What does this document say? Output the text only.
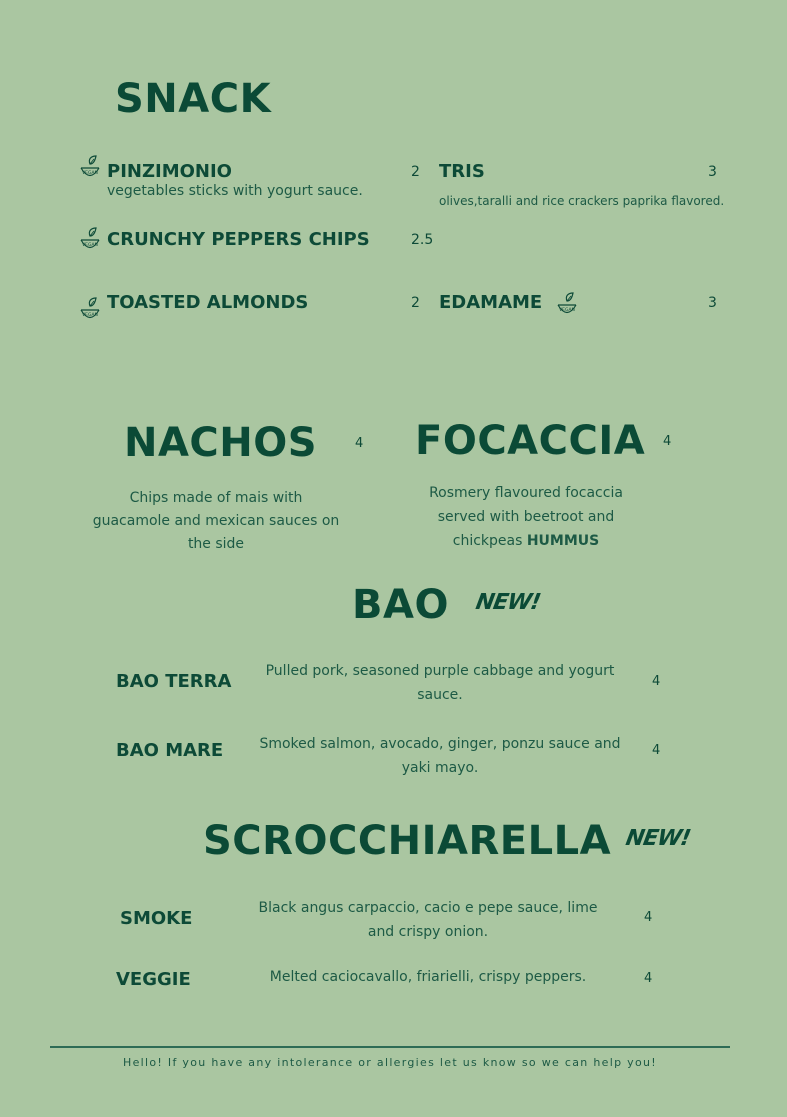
SNACK
VEGAN PINZIMONIO	2
vegetables sticks with yogurt sauce.
TRIS	3
olives,taralli and rice crackers paprika flavored.
VEGAN CRUNCHY PEPPERS CHIPS	2.5
VEGAN
TOASTED ALMONDS	2 EDAMAME	VEGAN	3
NACHOS	4
Chips made of mais with
guacamole and mexican sauces on
the side
FOCACCIA 4
Rosmery flavoured focaccia
served with beetroot and
chickpeas HUMMUS
BAO NEW!
BAO TERRA	Pulled pork, seasoned purple cabbage and yogurt
sauce.
4
BAO MARE	Smoked salmon, avocado, ginger, ponzu sauce and
yaki mayo.
4
SCROCCHIARELLA NEW!
SMOKE	Black angus carpaccio, cacio e pepe sauce, lime
and crispy onion.
4
VEGGIE	Melted caciocavallo, friarielli, crispy peppers.	4
Hello! If you have any intolerance or allergies let us know so we can help you!
